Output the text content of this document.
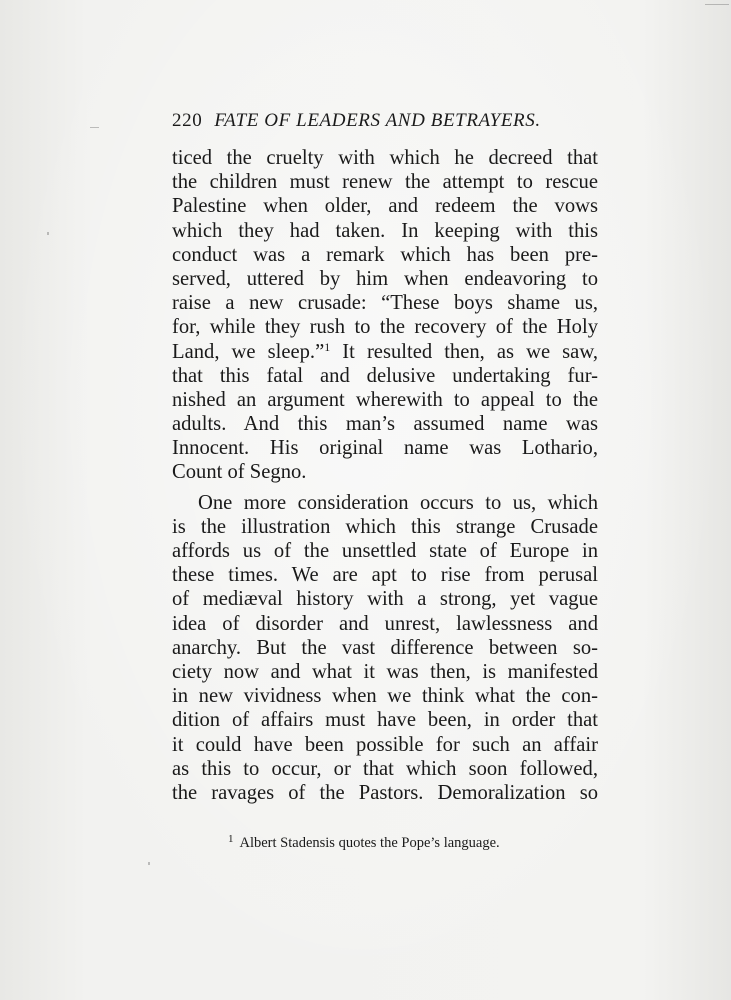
220 FATE OF LEADERS AND BETRAYERS.
ticed the cruelty with which he decreed that
the children must renew the attempt to rescue
Palestine when older, and redeem the vows
which they had taken. In keeping with this
conduct was a remark which has been pre-
served, uttered by him when endeavoring to
raise a new crusade: “These boys shame us,
for, while they rush to the recovery of the Holy
Land, we sleep.”$^1$ It resulted then, as we saw,
that this fatal and delusive undertaking fur-
nished an argument wherewith to appeal to the
adults. And this man’s assumed name was
Innocent. His original name was Lothario,
Count of Segno.
One more consideration occurs to us, which
is the illustration which this strange Crusade
affords us of the unsettled state of Europe in
these times. We are apt to rise from perusal
of mediæval history with a strong, yet vague
idea of disorder and unrest, lawlessness and
anarchy. But the vast difference between so-
ciety now and what it was then, is manifested
in new vividness when we think what the con-
dition of affairs must have been, in order that
it could have been possible for such an affair
as this to occur, or that which soon followed,
the ravages of the Pastors. Demoralization so
$^1$ Albert Stadensis quotes the Pope’s language.
